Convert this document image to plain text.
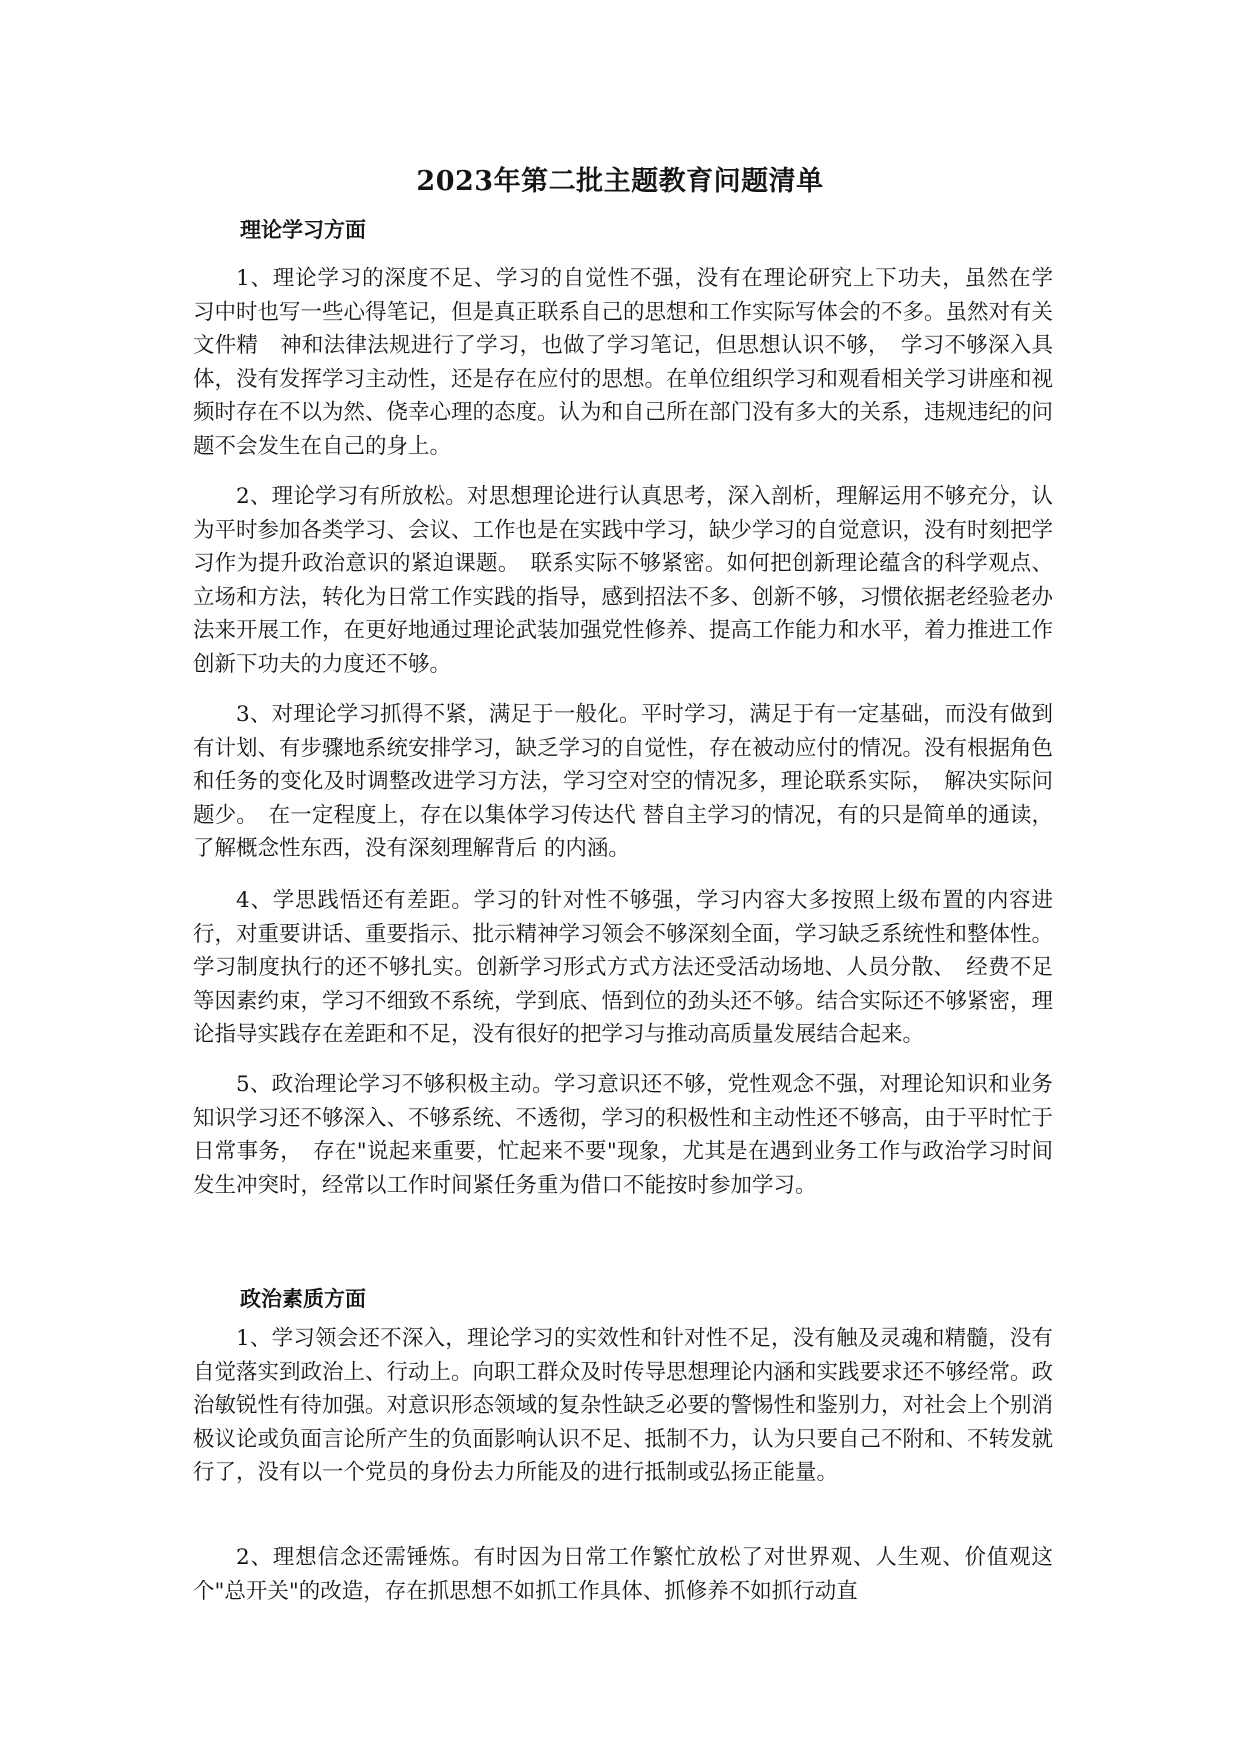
2023年第二批主题教育问题清单
理论学习方面

1、理论学习的深度不足、学习的自觉性不强，没有在理论研究上下功夫，虽然在学　习中时也写一些心得笔记，但是真正联系自己的思想和工作实际写体会的不多。虽然对有关文件精　神和法律法规进行了学习，也做了学习笔记，但思想认识不够，　学习不够深入具体，没有发挥学习主动性，还是存在应付的思想。在单位组织学习和观看相关学习讲座和视频时存在不以为然、侥幸心理的态度。认为和自己所在部门没有多大的关系，违规违纪的问题不会发生在自己的身上。

2、理论学习有所放松。对思想理论进行认真思考，深入剖析，理解运用不够充分，认为平时参加各类学习、会议、工作也是在实践中学习，缺少学习的自觉意识，没有时刻把学习作为提升政治意识的紧迫课题。　联系实际不够紧密。如何把创新理论蕴含的科学观点、立场和方法，转化为日常工作实践的指导，感到招法不多、创新不够，习惯依据老经验老办法来开展工作，在更好地通过理论武装加强党性修养、提高工作能力和水平，着力推进工作创新下功夫的力度还不够。

3、对理论学习抓得不紧，满足于一般化。平时学习，满足于有一定基础，而没有做到有计划、有步骤地系统安排学习，缺乏学习的自觉性，存在被动应付的情况。没有根据角色和任务的变化及时调整改进学习方法，学习空对空的情况多，理论联系实际，　解决实际问题少。　在一定程度上，存在以集体学习传达代 替自主学习的情况，有的只是简单的通读，了解概念性东西，没有深刻理解背后 的内涵。

4、学思践悟还有差距。学习的针对性不够强，学习内容大多按照上级布置的内容进行，对重要讲话、重要指示、批示精神学习领会不够深刻全面，学习缺乏系统性和整体性。学习制度执行的还不够扎实。创新学习形式方式方法还受活动场地、人员分散、　经费不足等因素约束，学习不细致不系统，学到底、悟到位的劲头还不够。结合实际还不够紧密，理论指导实践存在差距和不足，没有很好的把学习与推动高质量发展结合起来。

5、政治理论学习不够积极主动。学习意识还不够，党性观念不强，对理论知识和业务知识学习还不够深入、不够系统、不透彻，学习的积极性和主动性还不够高，由于平时忙于日常事务，　存在"说起来重要，忙起来不要"现象，尤其是在遇到业务工作与政治学习时间发生冲突时，经常以工作时间紧任务重为借口不能按时参加学习。

政治素质方面

1、学习领会还不深入，理论学习的实效性和针对性不足，没有触及灵魂和精髓，没有自觉落实到政治上、行动上。向职工群众及时传导思想理论内涵和实践要求还不够经常。政治敏锐性有待加强。对意识形态领域的复杂性缺乏必要的警惕性和鉴别力，对社会上个别消极议论或负面言论所产生的负面影响认识不足、抵制不力，认为只要自己不附和、不转发就行了，没有以一个党员的身份去力所能及的进行抵制或弘扬正能量。

2、理想信念还需锤炼。有时因为日常工作繁忙放松了对世界观、人生观、价值观这个"总开关"的改造，存在抓思想不如抓工作具体、抓修养不如抓行动直
